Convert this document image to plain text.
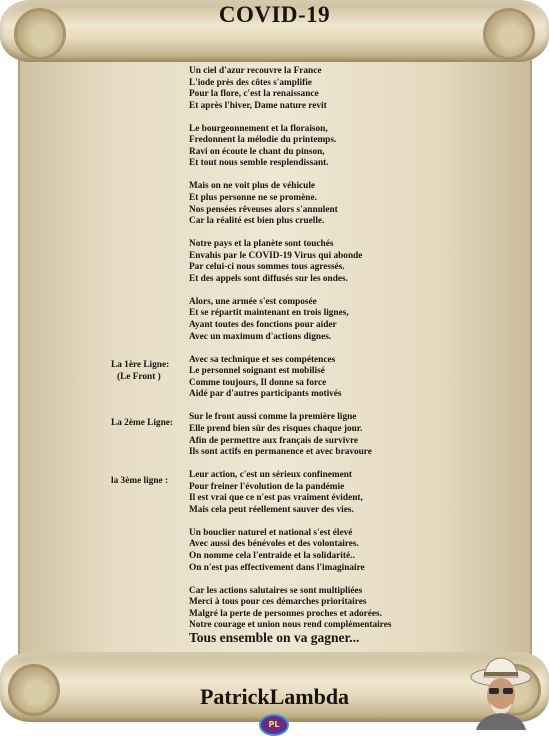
COVID-19
Un ciel d'azur recouvre la France
L'iode près des côtes s'amplifie
Pour la flore, c'est la renaissance
Et après l'hiver, Dame nature revit
Le bourgeonnement et la floraison,
Fredonnent la mélodie du printemps.
Ravi on écoute le chant du pinson,
Et tout nous semble resplendissant.
Mais on ne voit plus de véhicule
Et plus personne ne se promène.
Nos pensées rêveuses alors s'annulent
Car la réalité est bien plus cruelle.
Notre pays et la planète sont touchés
Envahis par le COVID-19 Virus qui abonde
Par celui-ci nous sommes tous agressés.
Et des appels sont diffusés sur les ondes.
Alors, une armée s'est composée
Et se répartit maintenant en trois lignes,
Ayant toutes des fonctions pour aider
Avec un maximum d'actions dignes.
Avec sa technique et ses compétences
Le personnel soignant est mobilisé
Comme toujours, Il donne sa force
Aidé par d'autres participants motivés
Sur le front aussi comme la première ligne
Elle prend bien sûr des risques chaque jour.
Afin de permettre aux français de survivre
Ils sont actifs en permanence et avec bravoure
Leur action, c'est un sérieux confinement
Pour freiner l'évolution de la pandémie
Il est vrai que ce n'est pas vraiment évident,
Mais cela peut réellement sauver des vies.
Un bouclier naturel et national s'est élevé
Avec aussi des bénévoles et des volontaires.
On nomme cela l'entraide et la solidarité..
On n'est pas effectivement dans l'imaginaire
Car les actions salutaires se sont multipliées
Merci à tous pour ces démarches prioritaires
Malgré la perte de personnes proches et adorées.
Notre courage et union nous rend complémentaires
Tous ensemble on va gagner...
La 1ère Ligne:
(Le Front )
La 2ème Ligne:
la 3ème ligne :
PatrickLambda
PL
